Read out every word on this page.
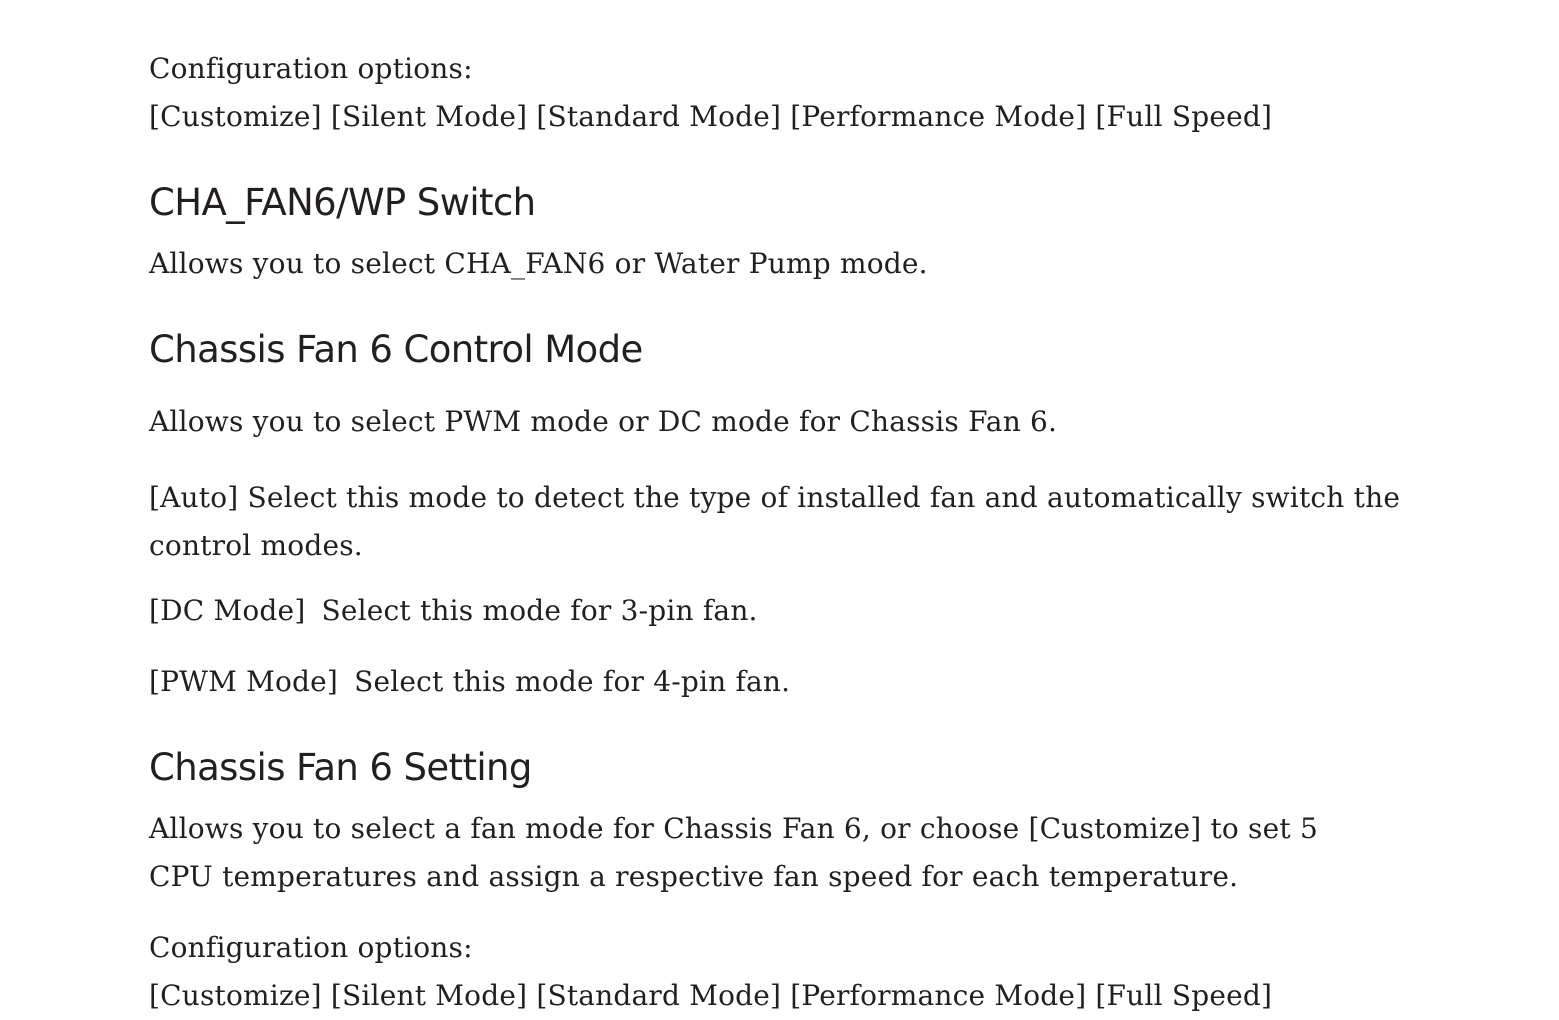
Configuration options:

[Customize] [Silent Mode] [Standard Mode] [Performance Mode] [Full Speed]

CHA_FAN6/WP Switch

Allows you to select CHA_FAN6 or Water Pump mode.

Chassis Fan 6 Control Mode

Allows you to select PWM mode or DC mode for Chassis Fan 6.

[Auto] Select this mode to detect the type of installed fan and automatically switch the

control modes.

[DC Mode] Select this mode for 3-pin fan.

[PWM Mode] Select this mode for 4-pin fan.

Chassis Fan 6 Setting

Allows you to select a fan mode for Chassis Fan 6, or choose [Customize] to set 5

CPU temperatures and assign a respective fan speed for each temperature.

Configuration options:

[Customize] [Silent Mode] [Standard Mode] [Performance Mode] [Full Speed]
